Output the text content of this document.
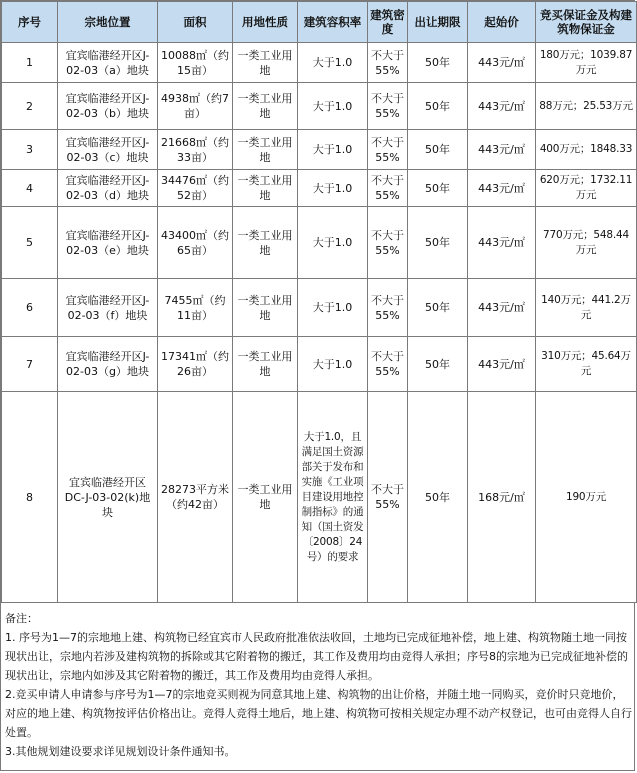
序号	宗地位置	面积	用地性质	建筑容积率	建筑密度	出让期限	起始价	竞买保证金及构建筑物保证金
1	宜宾临港经开区J-02-03（a）地块	10088㎡（约15亩）	一类工业用地	大于1.0	不大于55%	50年	443元/㎡	180万元；1039.87万元
2	宜宾临港经开区J-02-03（b）地块	4938㎡（约7亩）	一类工业用地	大于1.0	不大于55%	50年	443元/㎡	88万元；25.53万元
3	宜宾临港经开区J-02-03（c）地块	21668㎡（约33亩）	一类工业用地	大于1.0	不大于55%	50年	443元/㎡	400万元；1848.33
4	宜宾临港经开区J-02-03（d）地块	34476㎡（约52亩）	一类工业用地	大于1.0	不大于55%	50年	443元/㎡	620万元；1732.11万元
5	宜宾临港经开区J-02-03（e）地块	43400㎡（约65亩）	一类工业用地	大于1.0	不大于55%	50年	443元/㎡	770万元；548.44万元
6	宜宾临港经开区J-02-03（f）地块	7455㎡（约11亩）	一类工业用地	大于1.0	不大于55%	50年	443元/㎡	140万元；441.2万元
7	宜宾临港经开区J-02-03（g）地块	17341㎡（约26亩）	一类工业用地	大于1.0	不大于55%	50年	443元/㎡	310万元；45.64万元
8	宜宾临港经开区DC-J-03-02(k)地块	28273平方米（约42亩）	一类工业用地	大于1.0，且满足国土资源部关于发布和实施《工业项目建设用地控制指标》的通知（国土资发〔2008〕24号）的要求	不大于55%	50年	168元/㎡	190万元

备注：

1. 序号为1—7的宗地地上建、构筑物已经宜宾市人民政府批准依法收回，土地均已完成征地补偿，地上建、构筑物随土地一同按现状出让，宗地内若涉及建构筑物的拆除或其它附着物的搬迁，其工作及费用均由竞得人承担；序号8的宗地为已完成征地补偿的现状出让，宗地内如涉及其它附着物的搬迁，其工作及费用均由竞得人承担。

2.竞买申请人申请参与序号为1—7的宗地竞买则视为同意其地上建、构筑物的出让价格，并随土地一同购买，竞价时只竞地价，对应的地上建、构筑物按评估价格出让。竞得人竞得土地后，地上建、构筑物可按相关规定办理不动产权登记，也可由竞得人自行处置。

3.其他规划建设要求详见规划设计条件通知书。
